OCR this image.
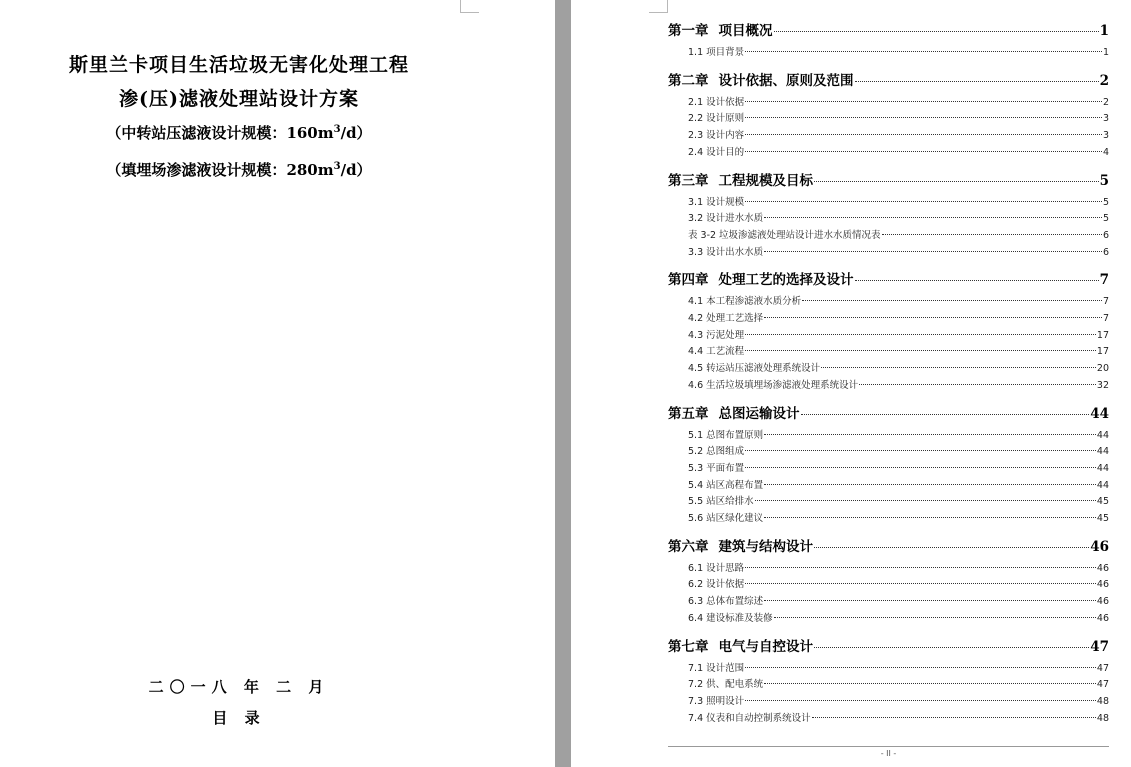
斯里兰卡项目生活垃圾无害化处理工程
渗(压)滤液处理站设计方案
（中转站压滤液设计规模：$160m^3/d$）
（填埋场渗滤液设计规模：$280m^3/d$）
二〇一八 年 二 月
目 录
第一章 项目概况	1
1.1 项目背景	1
第二章 设计依据、原则及范围	2
2.1 设计依据	2
2.2 设计原则	3
2.3 设计内容	3
2.4 设计目的	4
第三章 工程规模及目标	5
3.1 设计规模	5
3.2 设计进水水质	5
表 3-2 垃圾渗滤液处理站设计进水水质情况表	6
3.3 设计出水水质	6
第四章 处理工艺的选择及设计	7
4.1 本工程渗滤液水质分析	7
4.2 处理工艺选择	7
4.3 污泥处理	17
4.4 工艺流程	17
4.5 转运站压滤液处理系统设计	20
4.6 生活垃圾填埋场渗滤液处理系统设计	32
第五章 总图运输设计	44
5.1 总图布置原则	44
5.2 总图组成	44
5.3 平面布置	44
5.4 站区高程布置	44
5.5 站区给排水	45
5.6 站区绿化建议	45
第六章 建筑与结构设计	46
6.1 设计思路	46
6.2 设计依据	46
6.3 总体布置综述	46
6.4 建设标准及装修	46
第七章 电气与自控设计	47
7.1 设计范围	47
7.2 供、配电系统	47
7.3 照明设计	48
7.4 仪表和自动控制系统设计	48
- II -
